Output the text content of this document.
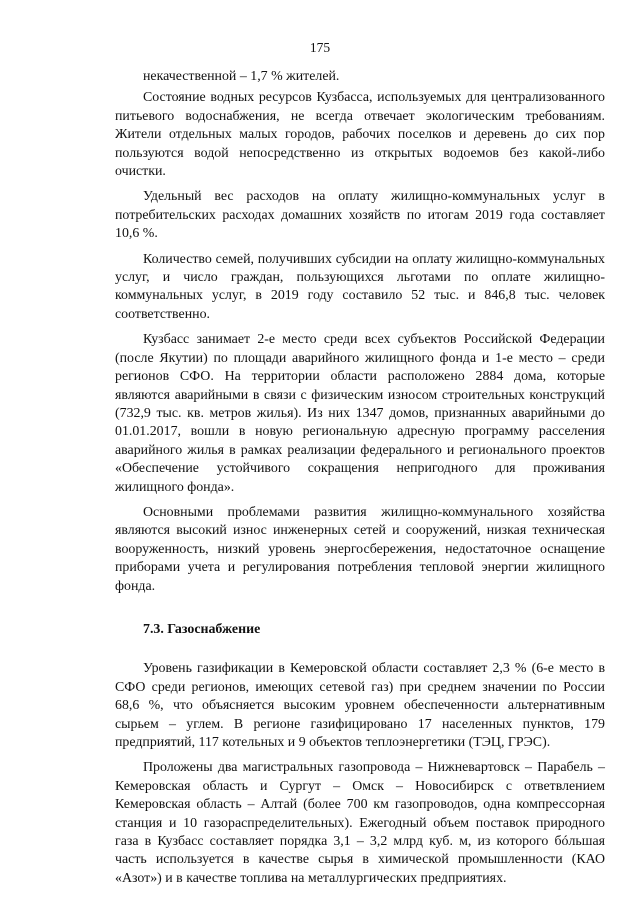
175

некачественной – 1,7 % жителей.

Состояние водных ресурсов Кузбасса, используемых для централизованного питьевого водоснабжения, не всегда отвечает экологическим требованиям. Жители отдельных малых городов, рабочих поселков и деревень до сих пор пользуются водой непосредственно из открытых водоемов без какой-либо очистки.

Удельный вес расходов на оплату жилищно-коммунальных услуг в потребительских расходах домашних хозяйств по итогам 2019 года составляет 10,6 %.

Количество семей, получивших субсидии на оплату жилищно-коммунальных услуг, и число граждан, пользующихся льготами по оплате жилищно-коммунальных услуг, в 2019 году составило 52 тыс. и 846,8 тыс. человек соответственно.

Кузбасс занимает 2-е место среди всех субъектов Российской Федерации (после Якутии) по площади аварийного жилищного фонда и 1-е место – среди регионов СФО. На территории области расположено 2884 дома, которые являются аварийными в связи с физическим износом строительных конструкций (732,9 тыс. кв. метров жилья). Из них 1347 домов, признанных аварийными до 01.01.2017, вошли в новую региональную адресную программу расселения аварийного жилья в рамках реализации федерального и регионального проектов «Обеспечение устойчивого сокращения непригодного для проживания жилищного фонда».

Основными проблемами развития жилищно-коммунального хозяйства являются высокий износ инженерных сетей и сооружений, низкая техническая вооруженность, низкий уровень энергосбережения, недостаточное оснащение приборами учета и регулирования потребления тепловой энергии жилищного фонда.

7.3. Газоснабжение

Уровень газификации в Кемеровской области составляет 2,3 % (6-е место в СФО среди регионов, имеющих сетевой газ) при среднем значении по России 68,6 %, что объясняется высоким уровнем обеспеченности альтернативным сырьем – углем. В регионе газифицировано 17 населенных пунктов, 179 предприятий, 117 котельных и 9 объектов теплоэнергетики (ТЭЦ, ГРЭС).

Проложены два магистральных газопровода – Нижневартовск – Парабель – Кемеровская область и Сургут – Омск – Новосибирск с ответвлением Кемеровская область – Алтай (более 700 км газопроводов, одна компрессорная станция и 10 газораспределительных). Ежегодный объем поставок природного газа в Кузбасс составляет порядка 3,1 – 3,2 млрд куб. м, из которого бóльшая часть используется в качестве сырья в химической промышленности (КАО «Азот») и в качестве топлива на металлургических предприятиях.
